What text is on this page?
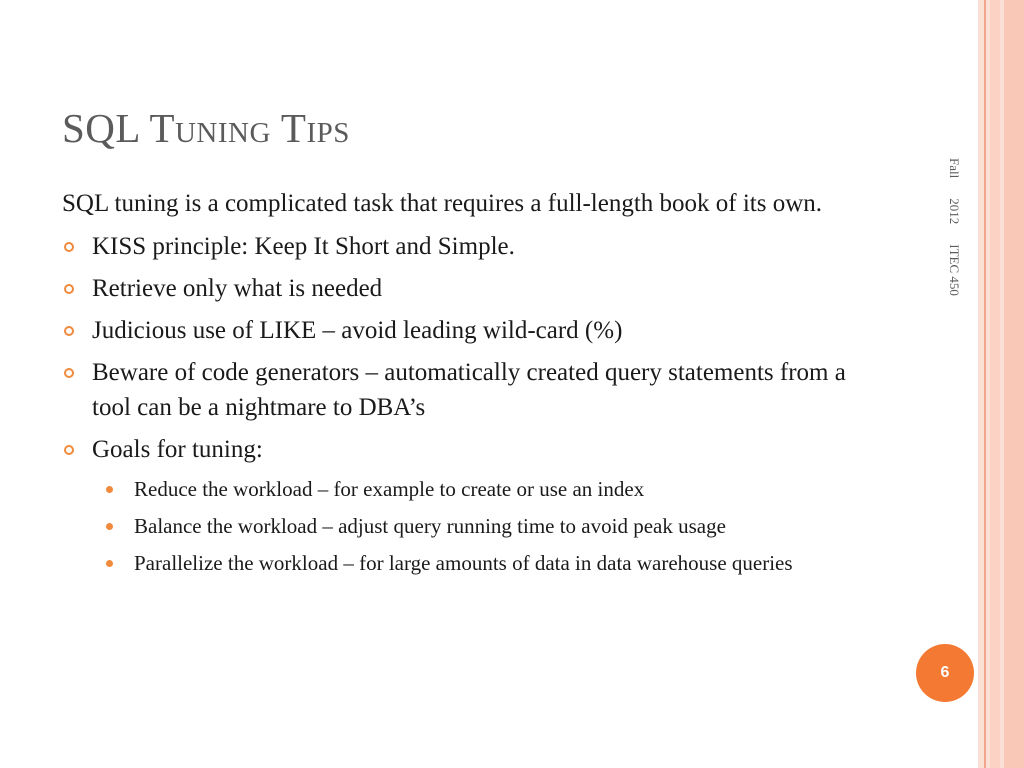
SQL Tuning Tips
Fall2012ITEC 450

SQL tuning is a complicated task that requires a full-length book of its own.

KISS principle: Keep It Short and Simple.
Retrieve only what is needed
Judicious use of LIKE – avoid leading wild-card (%)
Beware of code generators – automatically created query statements from a tool can be a nightmare to DBA’s
Goals for tuning:
Reduce the workload – for example to create or use an index
Balance the workload – adjust query running time to avoid peak usage
Parallelize the workload – for large amounts of data in data warehouse queries
6
